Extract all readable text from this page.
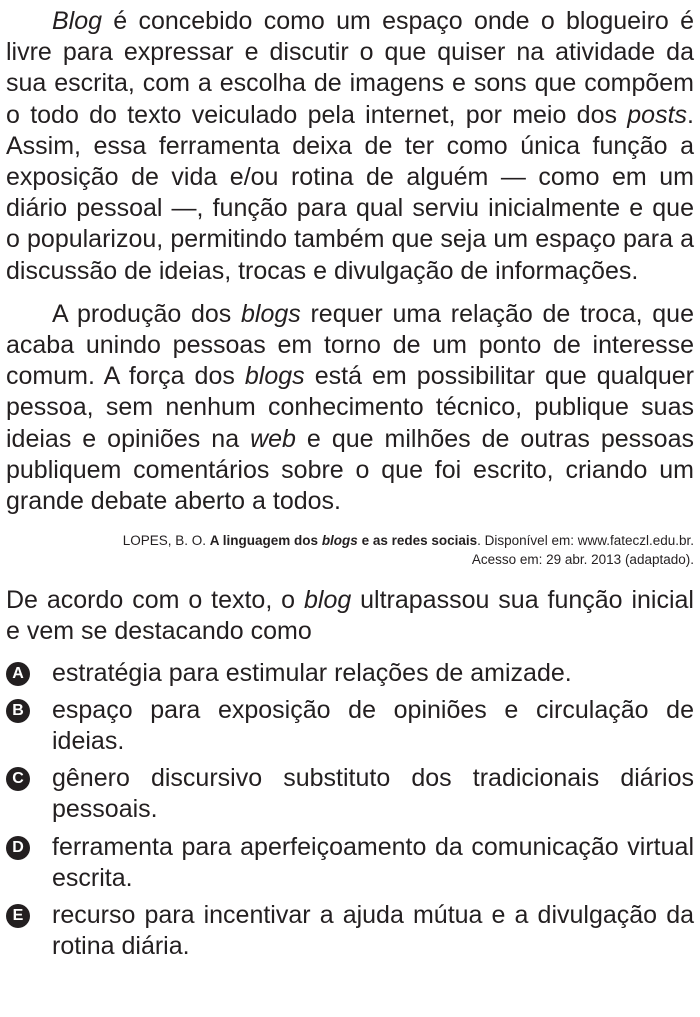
Blog é concebido como um espaço onde o blogueiro é livre para expressar e discutir o que quiser na atividade da sua escrita, com a escolha de imagens e sons que compõem o todo do texto veiculado pela internet, por meio dos posts. Assim, essa ferramenta deixa de ter como única função a exposição de vida e/ou rotina de alguém — como em um diário pessoal —, função para qual serviu inicialmente e que o popularizou, permitindo também que seja um espaço para a discussão de ideias, trocas e divulgação de informações.

A produção dos blogs requer uma relação de troca, que acaba unindo pessoas em torno de um ponto de interesse comum. A força dos blogs está em possibilitar que qualquer pessoa, sem nenhum conhecimento técnico, publique suas ideias e opiniões na web e que milhões de outras pessoas publiquem comentários sobre o que foi escrito, criando um grande debate aberto a todos.

LOPES, B. O. A linguagem dos blogs e as redes sociais. Disponível em: www.fateczl.edu.br.
Acesso em: 29 abr. 2013 (adaptado).

De acordo com o texto, o blog ultrapassou sua função inicial e vem se destacando como

A estratégia para estimular relações de amizade.
B espaço para exposição de opiniões e circulação de ideias.
C gênero discursivo substituto dos tradicionais diários pessoais.
D ferramenta para aperfeiçoamento da comunicação virtual escrita.
E recurso para incentivar a ajuda mútua e a divulgação da rotina diária.
